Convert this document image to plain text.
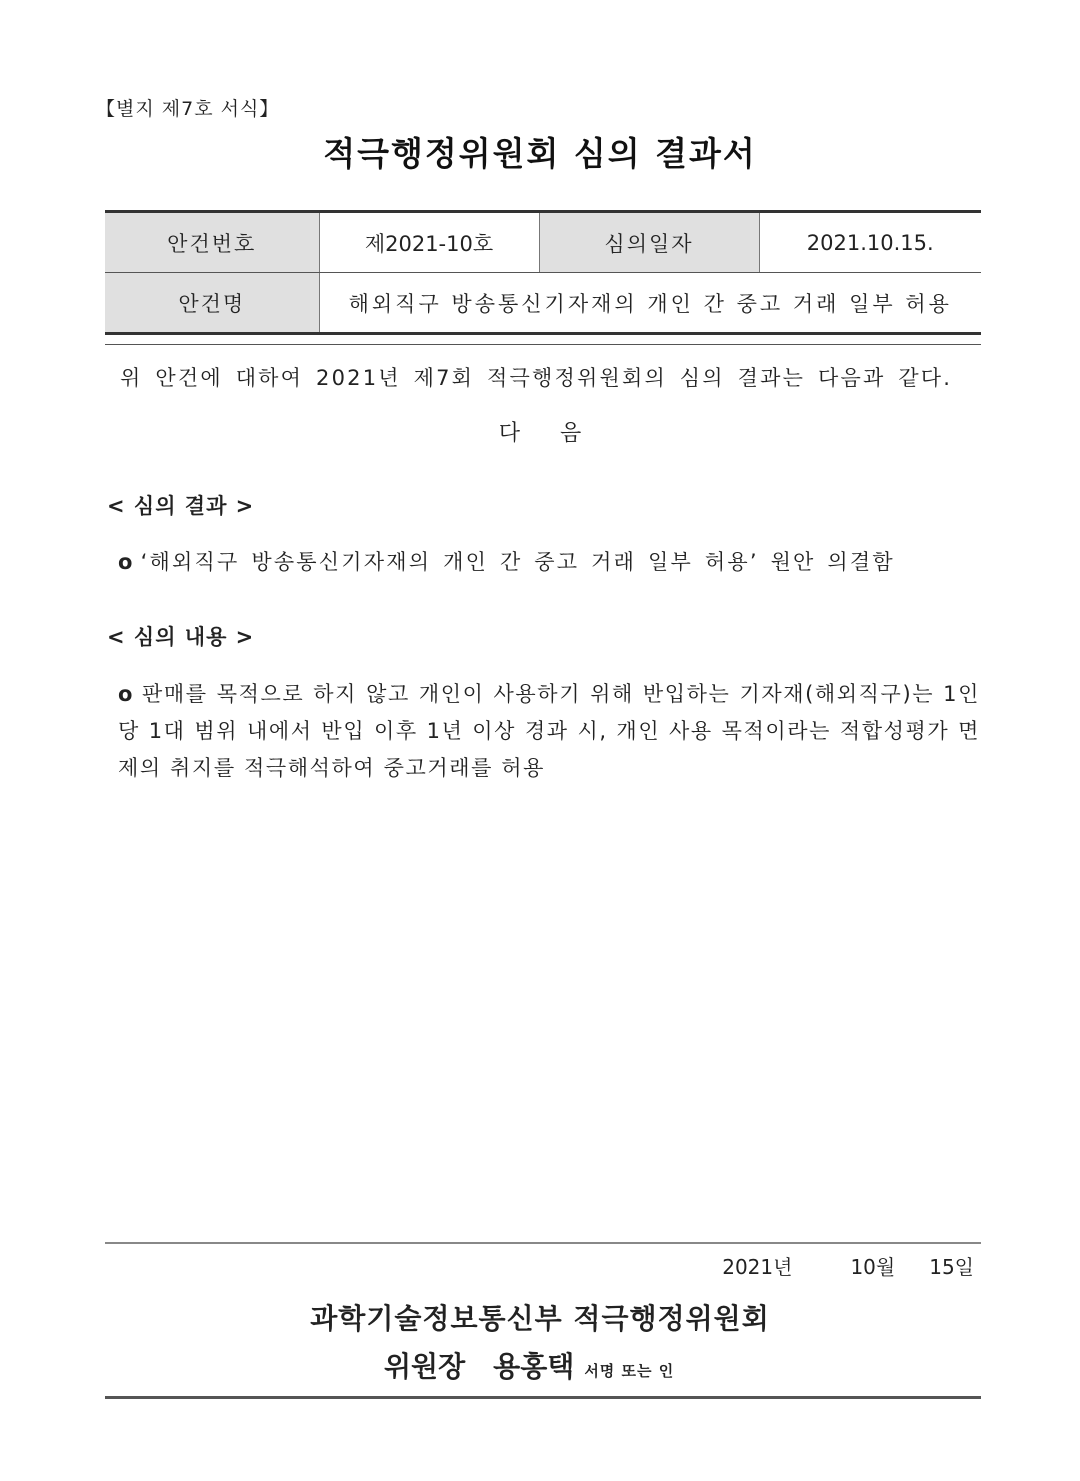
【별지 제7호 서식】
적극행정위원회 심의 결과서
안건번호	제2021-10호	심의일자	2021.10.15.
안건명	해외직구 방송통신기자재의 개인 간 중고 거래 일부 허용		
위 안건에 대하여 2021년 제7회 적극행정위원회의 심의 결과는 다음과 같다.
다 음
< 심의 결과 >
o ‘해외직구 방송통신기자재의 개인 간 중고 거래 일부 허용’ 원안 의결함
< 심의 내용 >
o 판매를 목적으로 하지 않고 개인이 사용하기 위해 반입하는 기자재(해외직구)는 1인당 1대 범위 내에서 반입 이후 1년 이상 경과 시, 개인 사용 목적이라는 적합성평가 면제의 취지를 적극해석하여 중고거래를 허용
2021년	10월 15일
과학기술정보통신부 적극행정위원회
위원장 용홍택 서명 또는 인
